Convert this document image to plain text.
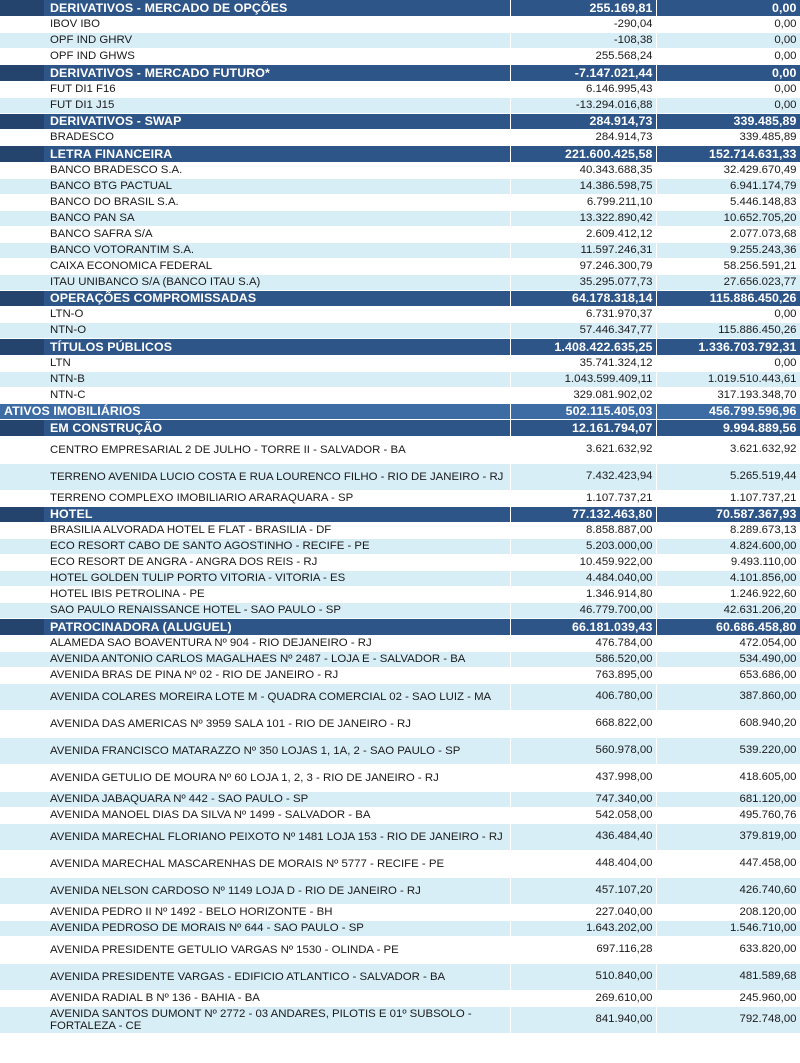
DERIVATIVOS - MERCADO DE OPÇÕES	255.169,81	0,00
IBOV IBO	-290,04	0,00
OPF IND GHRV	-108,38	0,00
OPF IND GHWS	255.568,24	0,00

DERIVATIVOS - MERCADO FUTURO*	-7.147.021,44	0,00
FUT DI1 F16	6.146.995,43	0,00
FUT DI1 J15	-13.294.016,88	0,00

DERIVATIVOS - SWAP	284.914,73	339.485,89
BRADESCO	284.914,73	339.485,89

LETRA FINANCEIRA	221.600.425,58	152.714.631,33
BANCO BRADESCO S.A.	40.343.688,35	32.429.670,49
BANCO BTG PACTUAL	14.386.598,75	6.941.174,79
BANCO DO BRASIL S.A.	6.799.211,10	5.446.148,83
BANCO PAN SA	13.322.890,42	10.652.705,20
BANCO SAFRA S/A	2.609.412,12	2.077.073,68
BANCO VOTORANTIM S.A.	11.597.246,31	9.255.243,36
CAIXA ECONOMICA FEDERAL	97.246.300,79	58.256.591,21
ITAU UNIBANCO S/A (BANCO ITAU S.A)	35.295.077,73	27.656.023,77

OPERAÇÕES COMPROMISSADAS	64.178.318,14	115.886.450,26
LTN-O	6.731.970,37	0,00
NTN-O	57.446.347,77	115.886.450,26

TÍTULOS PÚBLICOS	1.408.422.635,25	1.336.703.792,31
LTN	35.741.324,12	0,00
NTN-B	1.043.599.409,11	1.019.510.443,61
NTN-C	329.081.902,02	317.193.348,70
ATIVOS IMOBILIÁRIOS	502.115.405,03	456.799.596,96

EM CONSTRUÇÃO	12.161.794,07	9.994.889,56
CENTRO EMPRESARIAL 2 DE JULHO - TORRE II - SALVADOR - BA	3.621.632,92	3.621.632,92
TERRENO AVENIDA LUCIO COSTA E RUA LOURENCO FILHO - RIO DE JANEIRO - RJ	7.432.423,94	5.265.519,44
TERRENO COMPLEXO IMOBILIARIO ARARAQUARA - SP	1.107.737,21	1.107.737,21

HOTEL	77.132.463,80	70.587.367,93
BRASILIA ALVORADA HOTEL E FLAT - BRASILIA - DF	8.858.887,00	8.289.673,13
ECO RESORT CABO DE SANTO AGOSTINHO - RECIFE - PE	5.203.000,00	4.824.600,00
ECO RESORT DE ANGRA - ANGRA DOS REIS - RJ	10.459.922,00	9.493.110,00
HOTEL GOLDEN TULIP PORTO VITORIA - VITORIA - ES	4.484.040,00	4.101.856,00
HOTEL IBIS PETROLINA - PE	1.346.914,80	1.246.922,60
SAO PAULO RENAISSANCE HOTEL - SAO PAULO - SP	46.779.700,00	42.631.206,20

PATROCINADORA (ALUGUEL)	66.181.039,43	60.686.458,80
ALAMEDA SAO BOAVENTURA Nº 904 - RIO DEJANEIRO - RJ	476.784,00	472.054,00
AVENIDA ANTONIO CARLOS MAGALHAES Nº 2487 - LOJA E - SALVADOR - BA	586.520,00	534.490,00
AVENIDA BRAS DE PINA Nº 02 - RIO DE JANEIRO - RJ	763.895,00	653.686,00
AVENIDA COLARES MOREIRA LOTE M - QUADRA COMERCIAL 02 - SAO LUIZ - MA	406.780,00	387.860,00
AVENIDA DAS AMERICAS Nº 3959 SALA 101 - RIO DE JANEIRO - RJ	668.822,00	608.940,20
AVENIDA FRANCISCO MATARAZZO Nº 350 LOJAS 1, 1A, 2 - SAO PAULO - SP	560.978,00	539.220,00
AVENIDA GETULIO DE MOURA Nº 60 LOJA 1, 2, 3 - RIO DE JANEIRO - RJ	437.998,00	418.605,00
AVENIDA JABAQUARA Nº 442 - SAO PAULO - SP	747.340,00	681.120,00
AVENIDA MANOEL DIAS DA SILVA Nº 1499 - SALVADOR - BA	542.058,00	495.760,76
AVENIDA MARECHAL FLORIANO PEIXOTO Nº 1481 LOJA 153 - RIO DE JANEIRO - RJ	436.484,40	379.819,00
AVENIDA MARECHAL MASCARENHAS DE MORAIS Nº 5777 - RECIFE - PE	448.404,00	447.458,00
AVENIDA NELSON CARDOSO Nº 1149 LOJA D - RIO DE JANEIRO - RJ	457.107,20	426.740,60
AVENIDA PEDRO II Nº 1492 - BELO HORIZONTE - BH	227.040,00	208.120,00
AVENIDA PEDROSO DE MORAIS Nº 644 - SAO PAULO - SP	1.643.202,00	1.546.710,00
AVENIDA PRESIDENTE GETULIO VARGAS Nº 1530 - OLINDA - PE	697.116,28	633.820,00
AVENIDA PRESIDENTE VARGAS - EDIFICIO ATLANTICO - SALVADOR - BA	510.840,00	481.589,68
AVENIDA RADIAL B Nº 136 - BAHIA - BA	269.610,00	245.960,00
AVENIDA SANTOS DUMONT Nº 2772 - 03 ANDARES, PILOTIS E 01º SUBSOLO - FORTALEZA - CE	841.940,00	792.748,00
